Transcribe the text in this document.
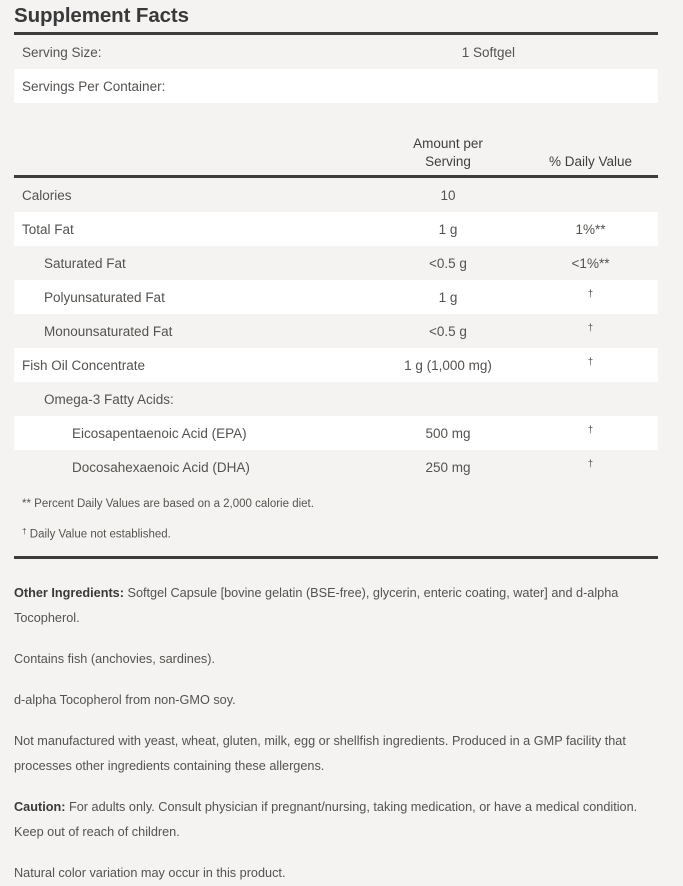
Supplement Facts
Serving Size:	1 Softgel
Servings Per Container:
Amount per
Serving	% Daily Value
Calories	10
Total Fat	1 g	1%**
Saturated Fat	<0.5 g	<1%**
Polyunsaturated Fat	1 g	†
Monounsaturated Fat	<0.5 g	†
Fish Oil Concentrate	1 g (1,000 mg)	†
Omega-3 Fatty Acids:
Eicosapentaenoic Acid (EPA)	500 mg	†
Docosahexaenoic Acid (DHA)	250 mg	†
** Percent Daily Values are based on a 2,000 calorie diet.
† Daily Value not established.

Other Ingredients: Softgel Capsule [bovine gelatin (BSE-free), glycerin, enteric coating, water] and d-alpha Tocopherol.

Contains fish (anchovies, sardines).

d-alpha Tocopherol from non-GMO soy.

Not manufactured with yeast, wheat, gluten, milk, egg or shellfish ingredients. Produced in a GMP facility that processes other ingredients containing these allergens.

Caution: For adults only. Consult physician if pregnant/nursing, taking medication, or have a medical condition. Keep out of reach of children.

Natural color variation may occur in this product.
